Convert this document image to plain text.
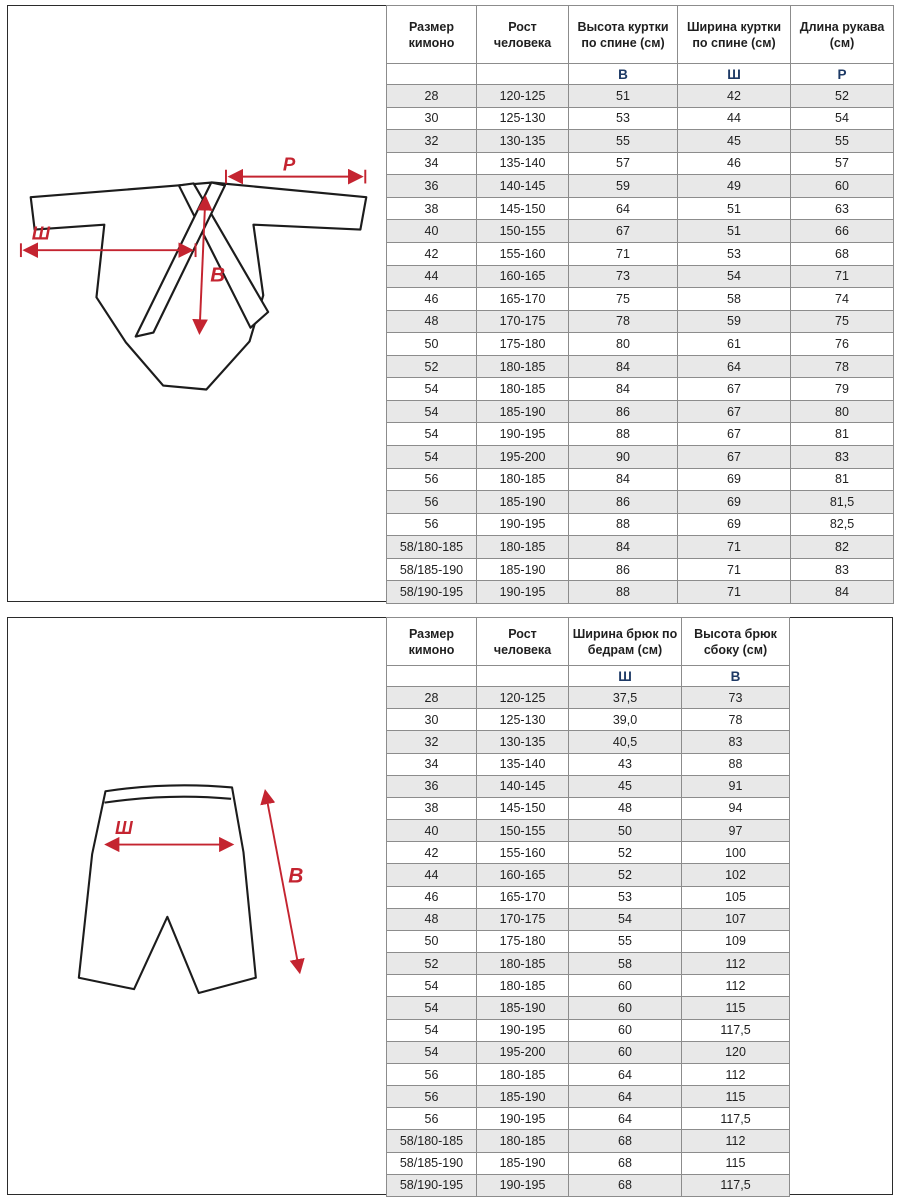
Р
Ш
В
Размер кимоно	Рост человека	Высота куртки по спине (см)	Ширина куртки по спине (см)	Длина рукава (см)
		В	Ш	Р
28	120-125	51	42	52
30	125-130	53	44	54
32	130-135	55	45	55
34	135-140	57	46	57
36	140-145	59	49	60
38	145-150	64	51	63
40	150-155	67	51	66
42	155-160	71	53	68
44	160-165	73	54	71
46	165-170	75	58	74
48	170-175	78	59	75
50	175-180	80	61	76
52	180-185	84	64	78
54	180-185	84	67	79
54	185-190	86	67	80
54	190-195	88	67	81
54	195-200	90	67	83
56	180-185	84	69	81
56	185-190	86	69	81,5
56	190-195	88	69	82,5
58/180-185	180-185	84	71	82
58/185-190	185-190	86	71	83
58/190-195	190-195	88	71	84
Ш
В
Размер кимоно	Рост человека	Ширина брюк по бедрам (см)	Высота брюк сбоку (см)
		Ш	В
28	120-125	37,5	73
30	125-130	39,0	78
32	130-135	40,5	83
34	135-140	43	88
36	140-145	45	91
38	145-150	48	94
40	150-155	50	97
42	155-160	52	100
44	160-165	52	102
46	165-170	53	105
48	170-175	54	107
50	175-180	55	109
52	180-185	58	112
54	180-185	60	112
54	185-190	60	115
54	190-195	60	117,5
54	195-200	60	120
56	180-185	64	112
56	185-190	64	115
56	190-195	64	117,5
58/180-185	180-185	68	112
58/185-190	185-190	68	115
58/190-195	190-195	68	117,5
